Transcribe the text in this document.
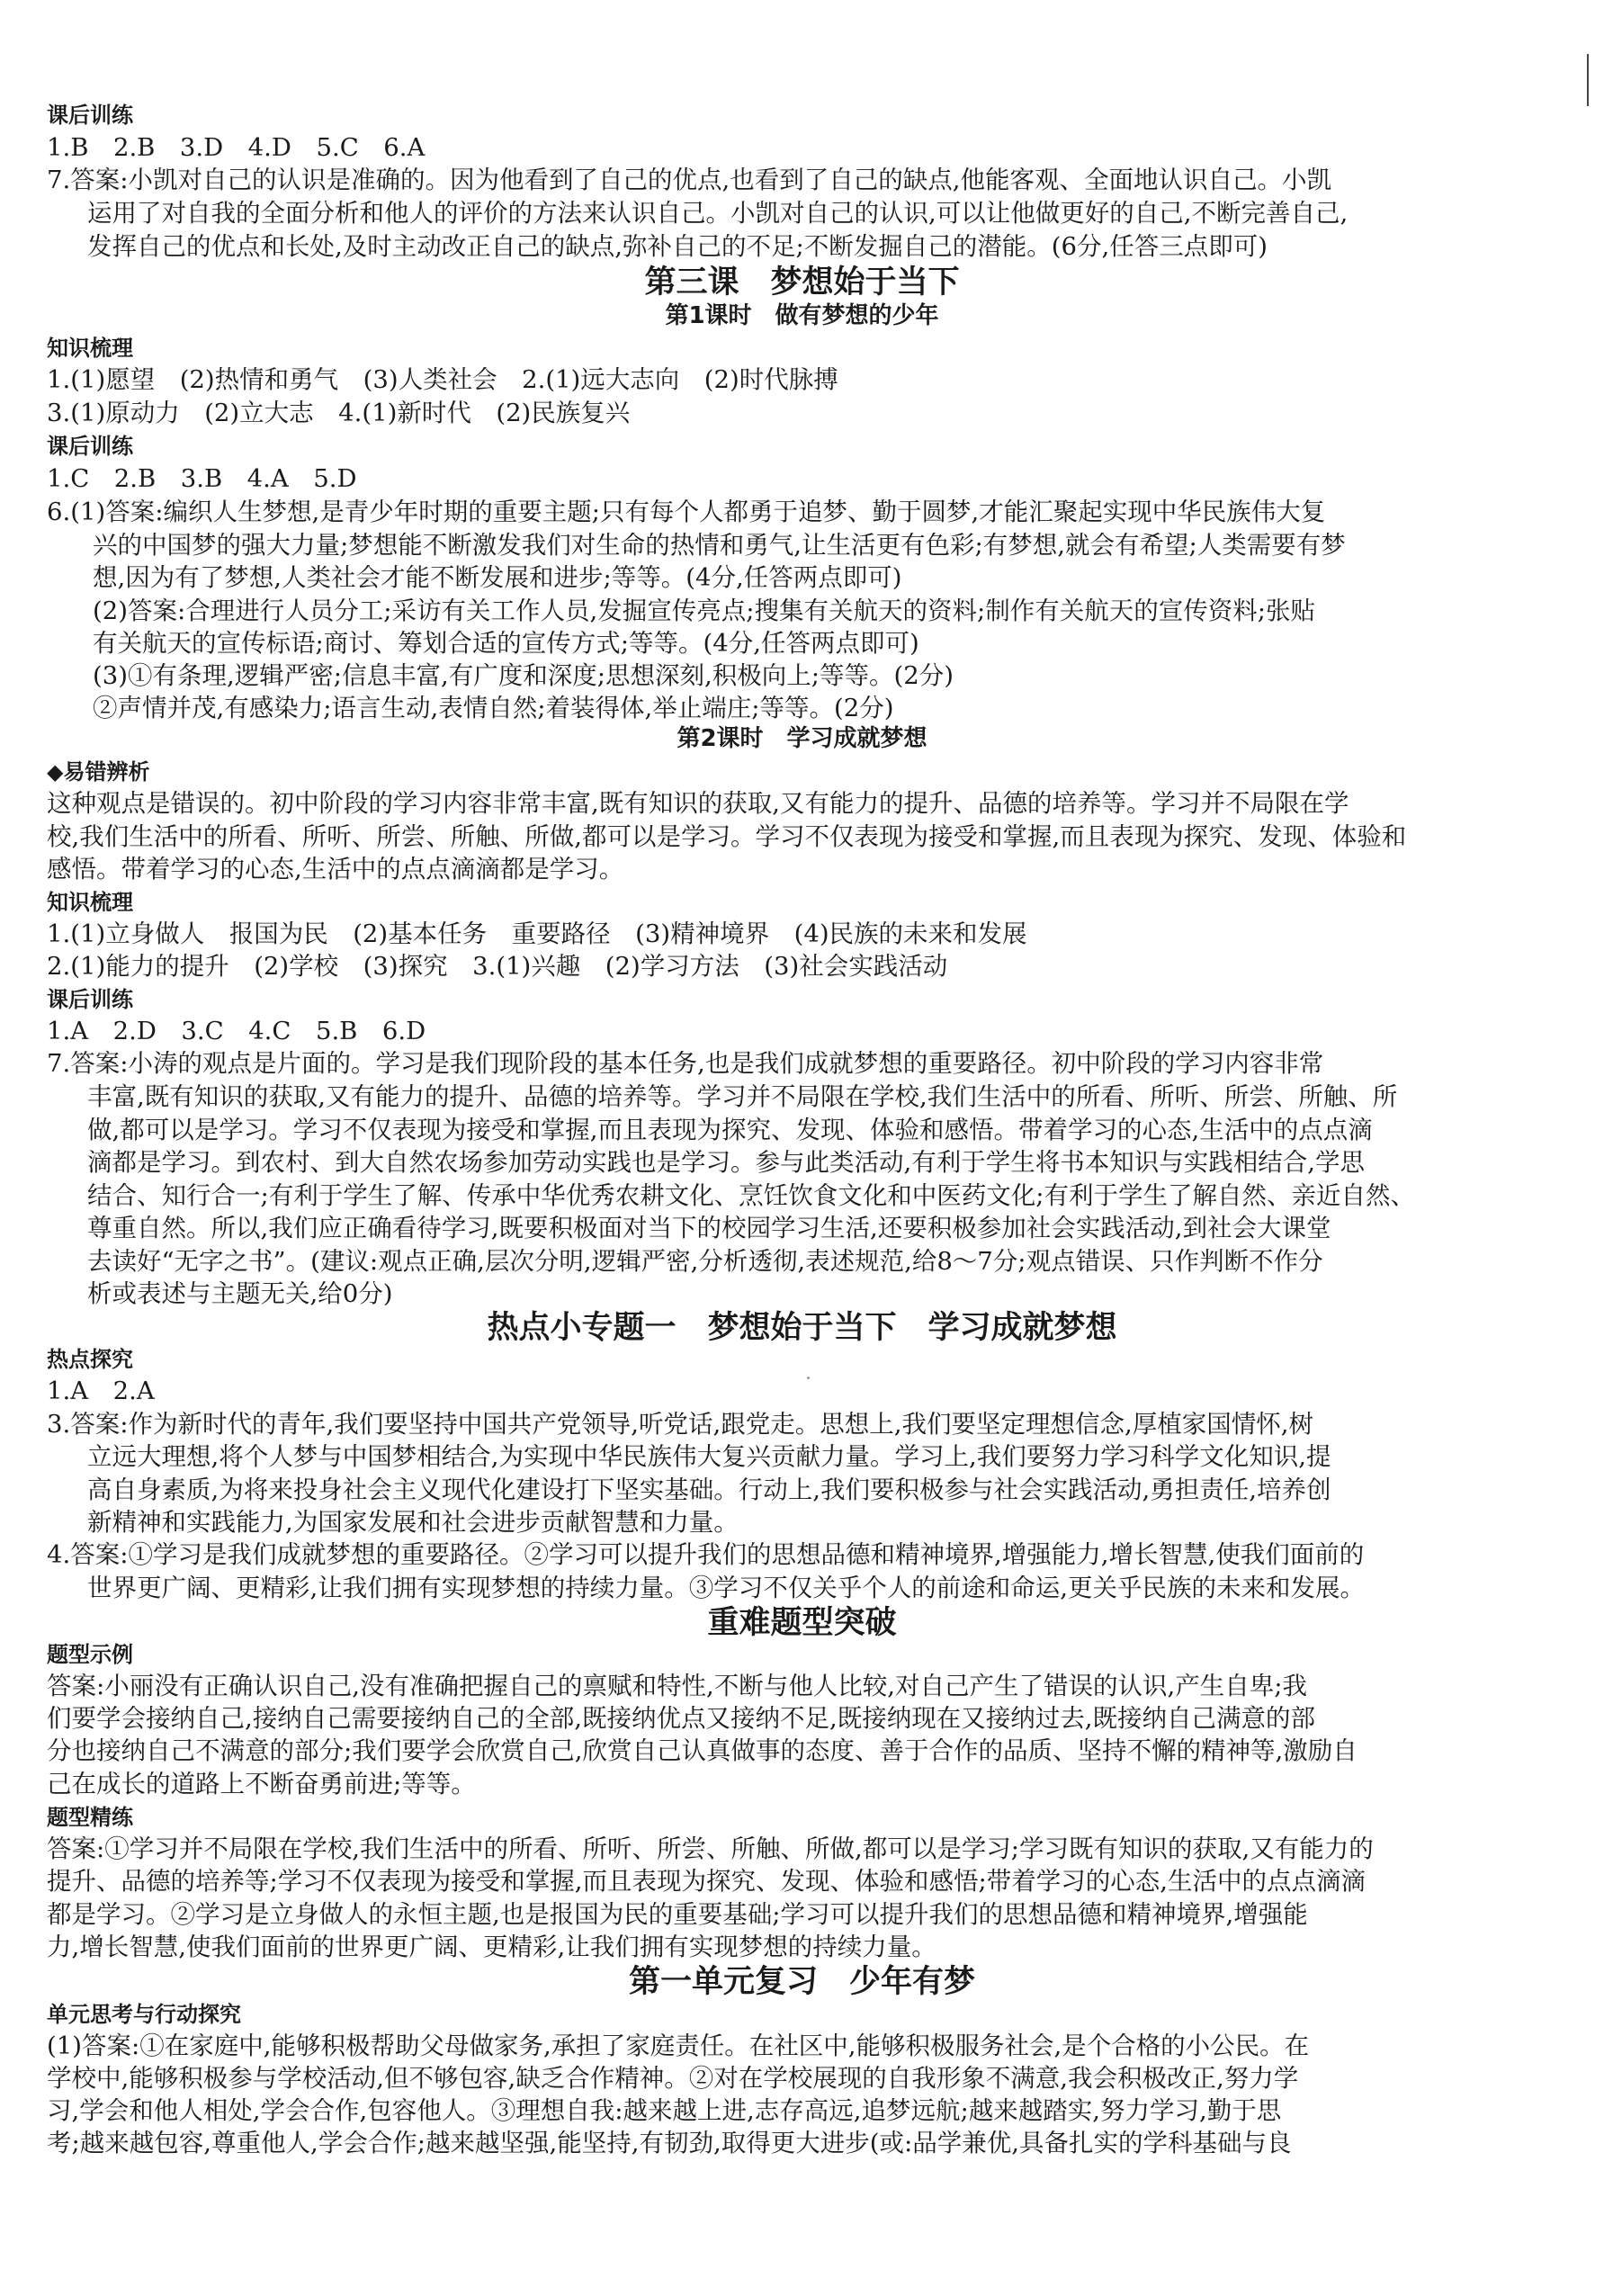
课后训练
1.B　2.B　3.D　4.D　5.C　6.A
7.答案:小凯对自己的认识是准确的。因为他看到了自己的优点,也看到了自己的缺点,他能客观、全面地认识自己。小凯
运用了对自我的全面分析和他人的评价的方法来认识自己。小凯对自己的认识,可以让他做更好的自己,不断完善自己,
发挥自己的优点和长处,及时主动改正自己的缺点,弥补自己的不足;不断发掘自己的潜能。(6分,任答三点即可)
第三课　梦想始于当下
第1课时　做有梦想的少年
知识梳理
1.(1)愿望　(2)热情和勇气　(3)人类社会　2.(1)远大志向　(2)时代脉搏
3.(1)原动力　(2)立大志　4.(1)新时代　(2)民族复兴
课后训练
1.C　2.B　3.B　4.A　5.D
6.(1)答案:编织人生梦想,是青少年时期的重要主题;只有每个人都勇于追梦、勤于圆梦,才能汇聚起实现中华民族伟大复
兴的中国梦的强大力量;梦想能不断激发我们对生命的热情和勇气,让生活更有色彩;有梦想,就会有希望;人类需要有梦
想,因为有了梦想,人类社会才能不断发展和进步;等等。(4分,任答两点即可)
(2)答案:合理进行人员分工;采访有关工作人员,发掘宣传亮点;搜集有关航天的资料;制作有关航天的宣传资料;张贴
有关航天的宣传标语;商讨、筹划合适的宣传方式;等等。(4分,任答两点即可)
(3)①有条理,逻辑严密;信息丰富,有广度和深度;思想深刻,积极向上;等等。(2分)
②声情并茂,有感染力;语言生动,表情自然;着装得体,举止端庄;等等。(2分)
第2课时　学习成就梦想
◆易错辨析
这种观点是错误的。初中阶段的学习内容非常丰富,既有知识的获取,又有能力的提升、品德的培养等。学习并不局限在学
校,我们生活中的所看、所听、所尝、所触、所做,都可以是学习。学习不仅表现为接受和掌握,而且表现为探究、发现、体验和
感悟。带着学习的心态,生活中的点点滴滴都是学习。
知识梳理
1.(1)立身做人　报国为民　(2)基本任务　重要路径　(3)精神境界　(4)民族的未来和发展
2.(1)能力的提升　(2)学校　(3)探究　3.(1)兴趣　(2)学习方法　(3)社会实践活动
课后训练
1.A　2.D　3.C　4.C　5.B　6.D
7.答案:小涛的观点是片面的。学习是我们现阶段的基本任务,也是我们成就梦想的重要路径。初中阶段的学习内容非常
丰富,既有知识的获取,又有能力的提升、品德的培养等。学习并不局限在学校,我们生活中的所看、所听、所尝、所触、所
做,都可以是学习。学习不仅表现为接受和掌握,而且表现为探究、发现、体验和感悟。带着学习的心态,生活中的点点滴
滴都是学习。到农村、到大自然农场参加劳动实践也是学习。参与此类活动,有利于学生将书本知识与实践相结合,学思
结合、知行合一;有利于学生了解、传承中华优秀农耕文化、烹饪饮食文化和中医药文化;有利于学生了解自然、亲近自然、
尊重自然。所以,我们应正确看待学习,既要积极面对当下的校园学习生活,还要积极参加社会实践活动,到社会大课堂
去读好“无字之书”。(建议:观点正确,层次分明,逻辑严密,分析透彻,表述规范,给8～7分;观点错误、只作判断不作分
析或表述与主题无关,给0分)
热点小专题一　梦想始于当下　学习成就梦想
热点探究
1.A　2.A
3.答案:作为新时代的青年,我们要坚持中国共产党领导,听党话,跟党走。思想上,我们要坚定理想信念,厚植家国情怀,树
立远大理想,将个人梦与中国梦相结合,为实现中华民族伟大复兴贡献力量。学习上,我们要努力学习科学文化知识,提
高自身素质,为将来投身社会主义现代化建设打下坚实基础。行动上,我们要积极参与社会实践活动,勇担责任,培养创
新精神和实践能力,为国家发展和社会进步贡献智慧和力量。
4.答案:①学习是我们成就梦想的重要路径。②学习可以提升我们的思想品德和精神境界,增强能力,增长智慧,使我们面前的
世界更广阔、更精彩,让我们拥有实现梦想的持续力量。③学习不仅关乎个人的前途和命运,更关乎民族的未来和发展。
重难题型突破
题型示例
答案:小丽没有正确认识自己,没有准确把握自己的禀赋和特性,不断与他人比较,对自己产生了错误的认识,产生自卑;我
们要学会接纳自己,接纳自己需要接纳自己的全部,既接纳优点又接纳不足,既接纳现在又接纳过去,既接纳自己满意的部
分也接纳自己不满意的部分;我们要学会欣赏自己,欣赏自己认真做事的态度、善于合作的品质、坚持不懈的精神等,激励自
己在成长的道路上不断奋勇前进;等等。
题型精练
答案:①学习并不局限在学校,我们生活中的所看、所听、所尝、所触、所做,都可以是学习;学习既有知识的获取,又有能力的
提升、品德的培养等;学习不仅表现为接受和掌握,而且表现为探究、发现、体验和感悟;带着学习的心态,生活中的点点滴滴
都是学习。②学习是立身做人的永恒主题,也是报国为民的重要基础;学习可以提升我们的思想品德和精神境界,增强能
力,增长智慧,使我们面前的世界更广阔、更精彩,让我们拥有实现梦想的持续力量。
第一单元复习　少年有梦
单元思考与行动探究
(1)答案:①在家庭中,能够积极帮助父母做家务,承担了家庭责任。在社区中,能够积极服务社会,是个合格的小公民。在
学校中,能够积极参与学校活动,但不够包容,缺乏合作精神。②对在学校展现的自我形象不满意,我会积极改正,努力学
习,学会和他人相处,学会合作,包容他人。③理想自我:越来越上进,志存高远,追梦远航;越来越踏实,努力学习,勤于思
考;越来越包容,尊重他人,学会合作;越来越坚强,能坚持,有韧劲,取得更大进步(或:品学兼优,具备扎实的学科基础与良
